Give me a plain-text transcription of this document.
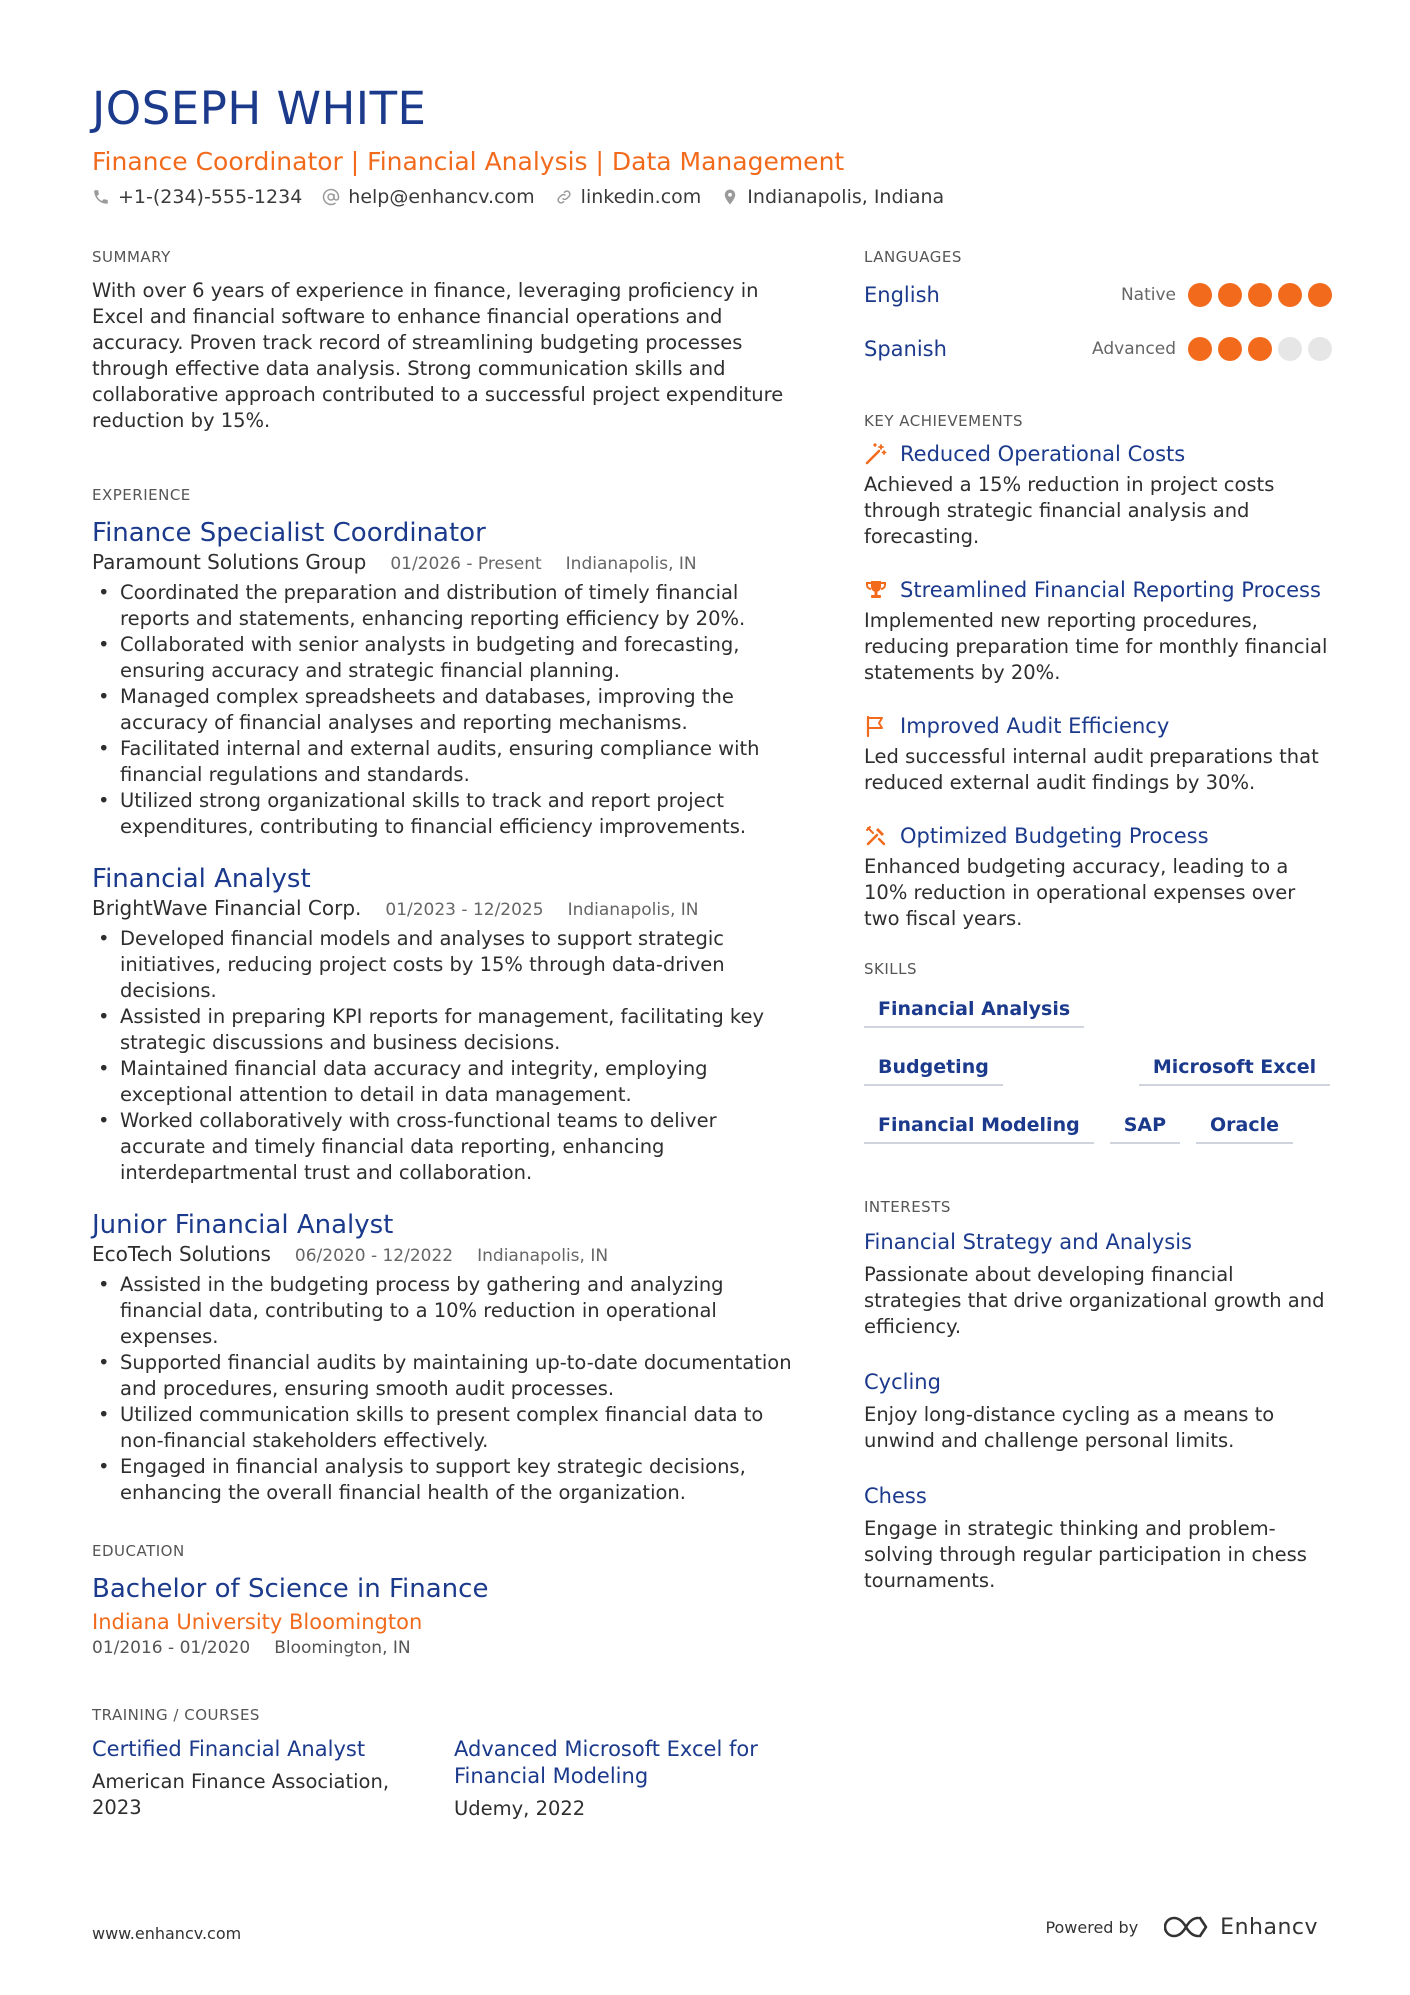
JOSEPH WHITE
Finance Coordinator | Financial Analysis | Data Management
+1-(234)-555-1234 help@enhancv.com linkedin.com Indianapolis, Indiana
SUMMARY
With over 6 years of experience in finance, leveraging proficiency in Excel and financial software to enhance financial operations and accuracy. Proven track record of streamlining budgeting processes through effective data analysis. Strong communication skills and collaborative approach contributed to a successful project expenditure reduction by 15%.
EXPERIENCE
Finance Specialist Coordinator
Paramount Solutions Group 01/2026 - Present Indianapolis, IN
• Coordinated the preparation and distribution of timely financial reports and statements, enhancing reporting efficiency by 20%.
• Collaborated with senior analysts in budgeting and forecasting, ensuring accuracy and strategic financial planning.
• Managed complex spreadsheets and databases, improving the accuracy of financial analyses and reporting mechanisms.
• Facilitated internal and external audits, ensuring compliance with financial regulations and standards.
• Utilized strong organizational skills to track and report project expenditures, contributing to financial efficiency improvements.
Financial Analyst
BrightWave Financial Corp. 01/2023 - 12/2025 Indianapolis, IN
• Developed financial models and analyses to support strategic initiatives, reducing project costs by 15% through data-driven decisions.
• Assisted in preparing KPI reports for management, facilitating key strategic discussions and business decisions.
• Maintained financial data accuracy and integrity, employing exceptional attention to detail in data management.
• Worked collaboratively with cross-functional teams to deliver accurate and timely financial data reporting, enhancing interdepartmental trust and collaboration.
Junior Financial Analyst
EcoTech Solutions 06/2020 - 12/2022 Indianapolis, IN
• Assisted in the budgeting process by gathering and analyzing financial data, contributing to a 10% reduction in operational expenses.
• Supported financial audits by maintaining up-to-date documentation and procedures, ensuring smooth audit processes.
• Utilized communication skills to present complex financial data to non-financial stakeholders effectively.
• Engaged in financial analysis to support key strategic decisions, enhancing the overall financial health of the organization.
EDUCATION
Bachelor of Science in Finance
Indiana University Bloomington
01/2016 - 01/2020 Bloomington, IN
TRAINING / COURSES
Certified Financial Analyst
American Finance Association, 2023
Advanced Microsoft Excel for Financial Modeling
Udemy, 2022
LANGUAGES
English	Native
Spanish	Advanced
KEY ACHIEVEMENTS
Reduced Operational Costs
Achieved a 15% reduction in project costs through strategic financial analysis and forecasting.
Streamlined Financial Reporting Process
Implemented new reporting procedures, reducing preparation time for monthly financial statements by 20%.
Improved Audit Efficiency
Led successful internal audit preparations that reduced external audit findings by 30%.
Optimized Budgeting Process
Enhanced budgeting accuracy, leading to a 10% reduction in operational expenses over two fiscal years.
SKILLS
Financial Analysis
Budgeting	Microsoft Excel
Financial Modeling	SAP	Oracle
INTERESTS
Financial Strategy and Analysis
Passionate about developing financial strategies that drive organizational growth and efficiency.
Cycling
Enjoy long-distance cycling as a means to unwind and challenge personal limits.
Chess
Engage in strategic thinking and problem-solving through regular participation in chess tournaments.
www.enhancv.com	Powered by	Enhancv
